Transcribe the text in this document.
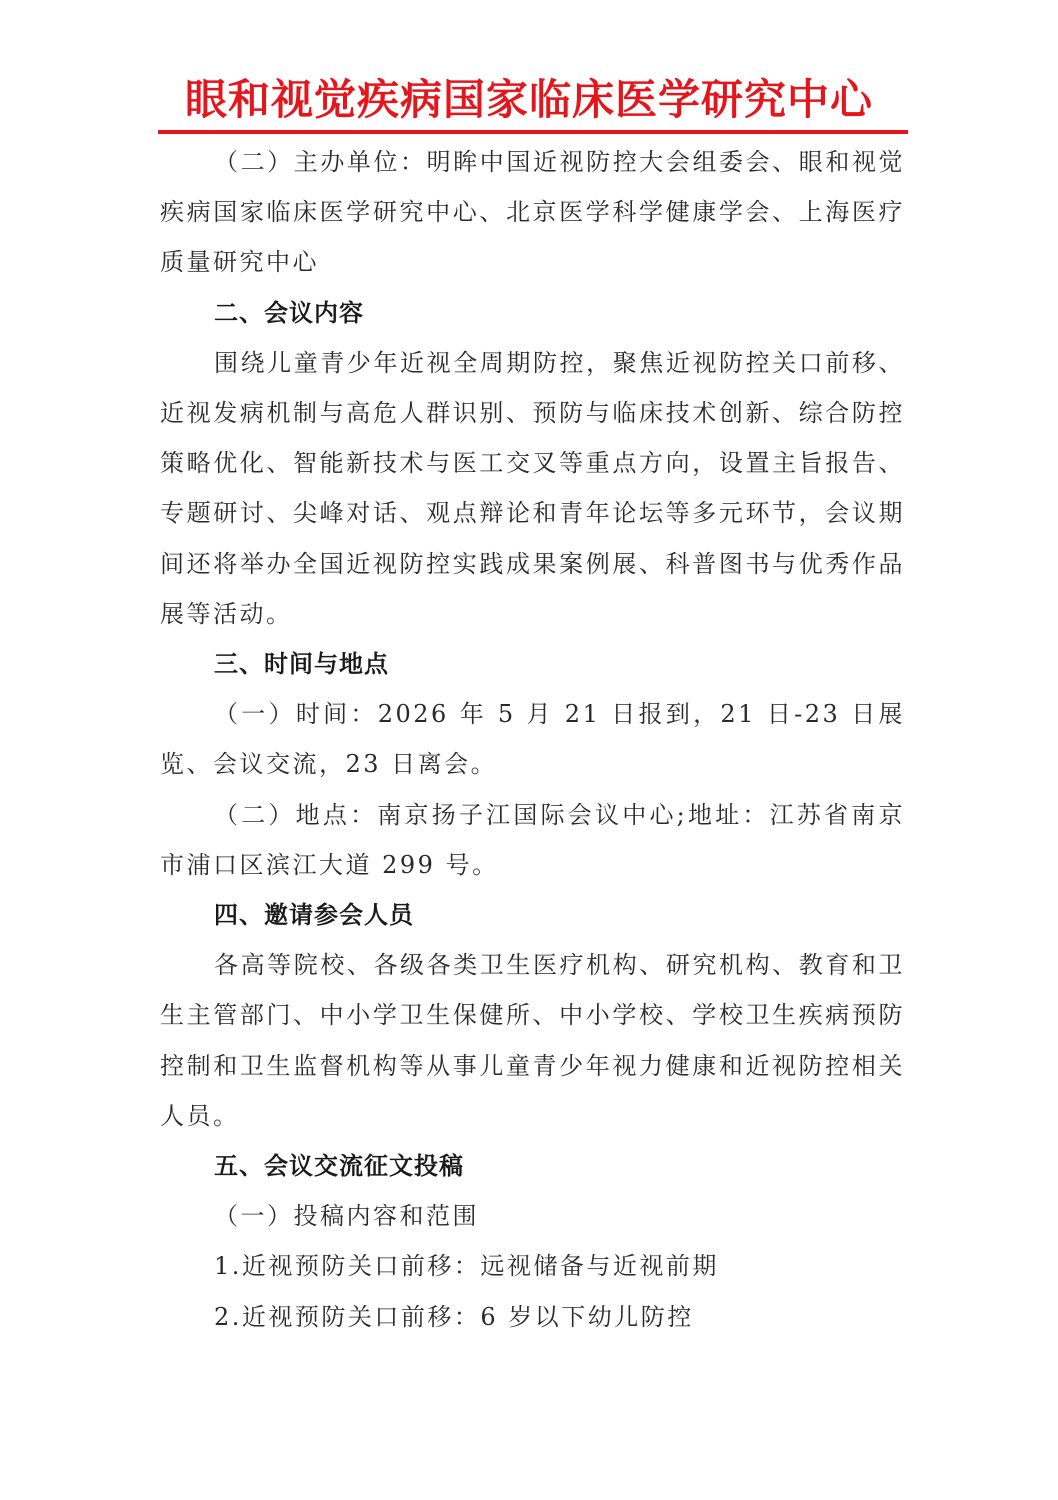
眼和视觉疾病国家临床医学研究中心

（二）主办单位：明眸中国近视防控大会组委会、眼和视觉疾病国家临床医学研究中心、北京医学科学健康学会、上海医疗质量研究中心

二、会议内容

围绕儿童青少年近视全周期防控，聚焦近视防控关口前移、近视发病机制与高危人群识别、预防与临床技术创新、综合防控策略优化、智能新技术与医工交叉等重点方向，设置主旨报告、专题研讨、尖峰对话、观点辩论和青年论坛等多元环节，会议期间还将举办全国近视防控实践成果案例展、科普图书与优秀作品展等活动。

三、时间与地点

（一）时间：2026 年 5 月 21 日报到，21 日-23 日展览、会议交流，23 日离会。

（二）地点：南京扬子江国际会议中心;地址：江苏省南京市浦口区滨江大道 299 号。

四、邀请参会人员

各高等院校、各级各类卫生医疗机构、研究机构、教育和卫生主管部门、中小学卫生保健所、中小学校、学校卫生疾病预防控制和卫生监督机构等从事儿童青少年视力健康和近视防控相关人员。

五、会议交流征文投稿

（一）投稿内容和范围

1.近视预防关口前移：远视储备与近视前期

2.近视预防关口前移：6 岁以下幼儿防控
